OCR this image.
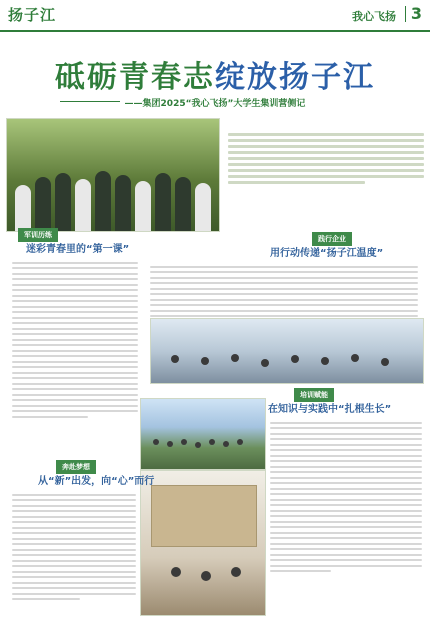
扬子江	我心飞扬 3
砥砺青春志绽放扬子江
——集团2025“我心飞扬”大学生集训营侧记
军训历练
迷彩青春里的“第一课”
践行企业
用行动传递“扬子江温度”
培训赋能
在知识与实践中“扎根生长”
奔赴梦想
从“新”出发，向“心”而行
